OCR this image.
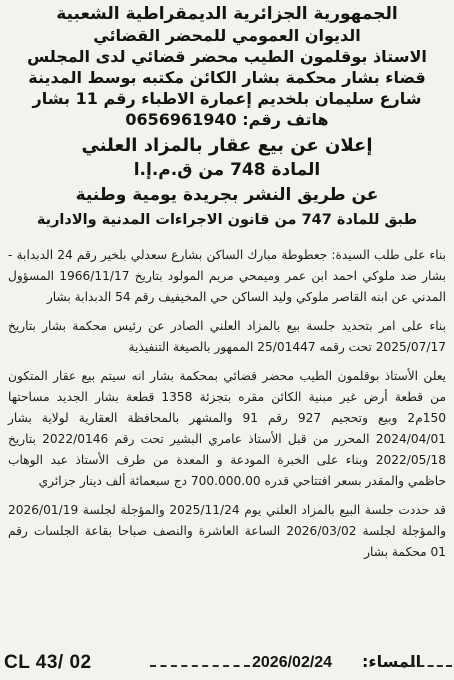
الجمهورية الجزائرية الديمقراطية الشعبية
الديوان العمومي للمحضر القضائي
الاستاذ بوقلمون الطيب محضر قضائي لدى المجلس
قضاء بشار محكمة بشار الكائن مكتبه بوسط المدينة
شارع سليمان بلخديم إعمارة الاطباء رقم 11 بشار
هاتف رقم: 0656961940
إعلان عن بيع عقار بالمزاد العلني
المادة 748 من ق.م.إ.ا
عن طريق النشر بجريدة يومية وطنية
طبق للمادة 747 من قانون الاجراءات المدنية والادارية

بناء على طلب السيدة: جعطوطة مبارك الساكن بشارع سعدلي بلخير رقم 24 الدبدابة - بشار ضد ملوكي احمد ابن عمر وميمحي مريم المولود بتاريخ 1966/11/17 المسؤول المدني عن ابنه القاصر ملوكي وليد الساكن حي المخيفيف رقم 54 الدبدابة بشار

بناء على امر بتحديد جلسة بيع بالمزاد العلني الصادر عن رئيس محكمة بشار بتاريخ 2025/07/17 تحت رقمه 25/01447 الممهور بالصيغة التنفيذية

يعلن الأستاذ بوقلمون الطيب محضر قضائي بمحكمة بشار انه سيتم بيع عقار المتكون من قطعة أرض غير مبنية الكائن مقره بتجزئة 1358 قطعة بشار الجديد مساحتها 150م2 وبيع وتحجيم 927 رقم 91 والمشهر بالمحافظة العقارية لولاية بشار 2024/04/01 المحرر من قبل الأستاذ عامري البشير تحت رقم 2022/0146 بتاريخ 2022/05/18 وبناء على الخبرة المودعة و المعدة من طرف الأستاذ عبد الوهاب حاظمي والمقدر بسعر افتتاحي قدره 700.000.00 دج سبعمائة ألف دينار جزائري

قد حددت جلسة البيع بالمزاد العلني يوم 2025/11/24 والمؤجلة لجلسة 2026/01/19 والمؤجلة لجلسة 2026/03/02 الساعة العاشرة والنصف صباحا بقاعة الجلسات رقم 01 محكمة بشار

CL 43/ 02	2026/02/24 المساء:
